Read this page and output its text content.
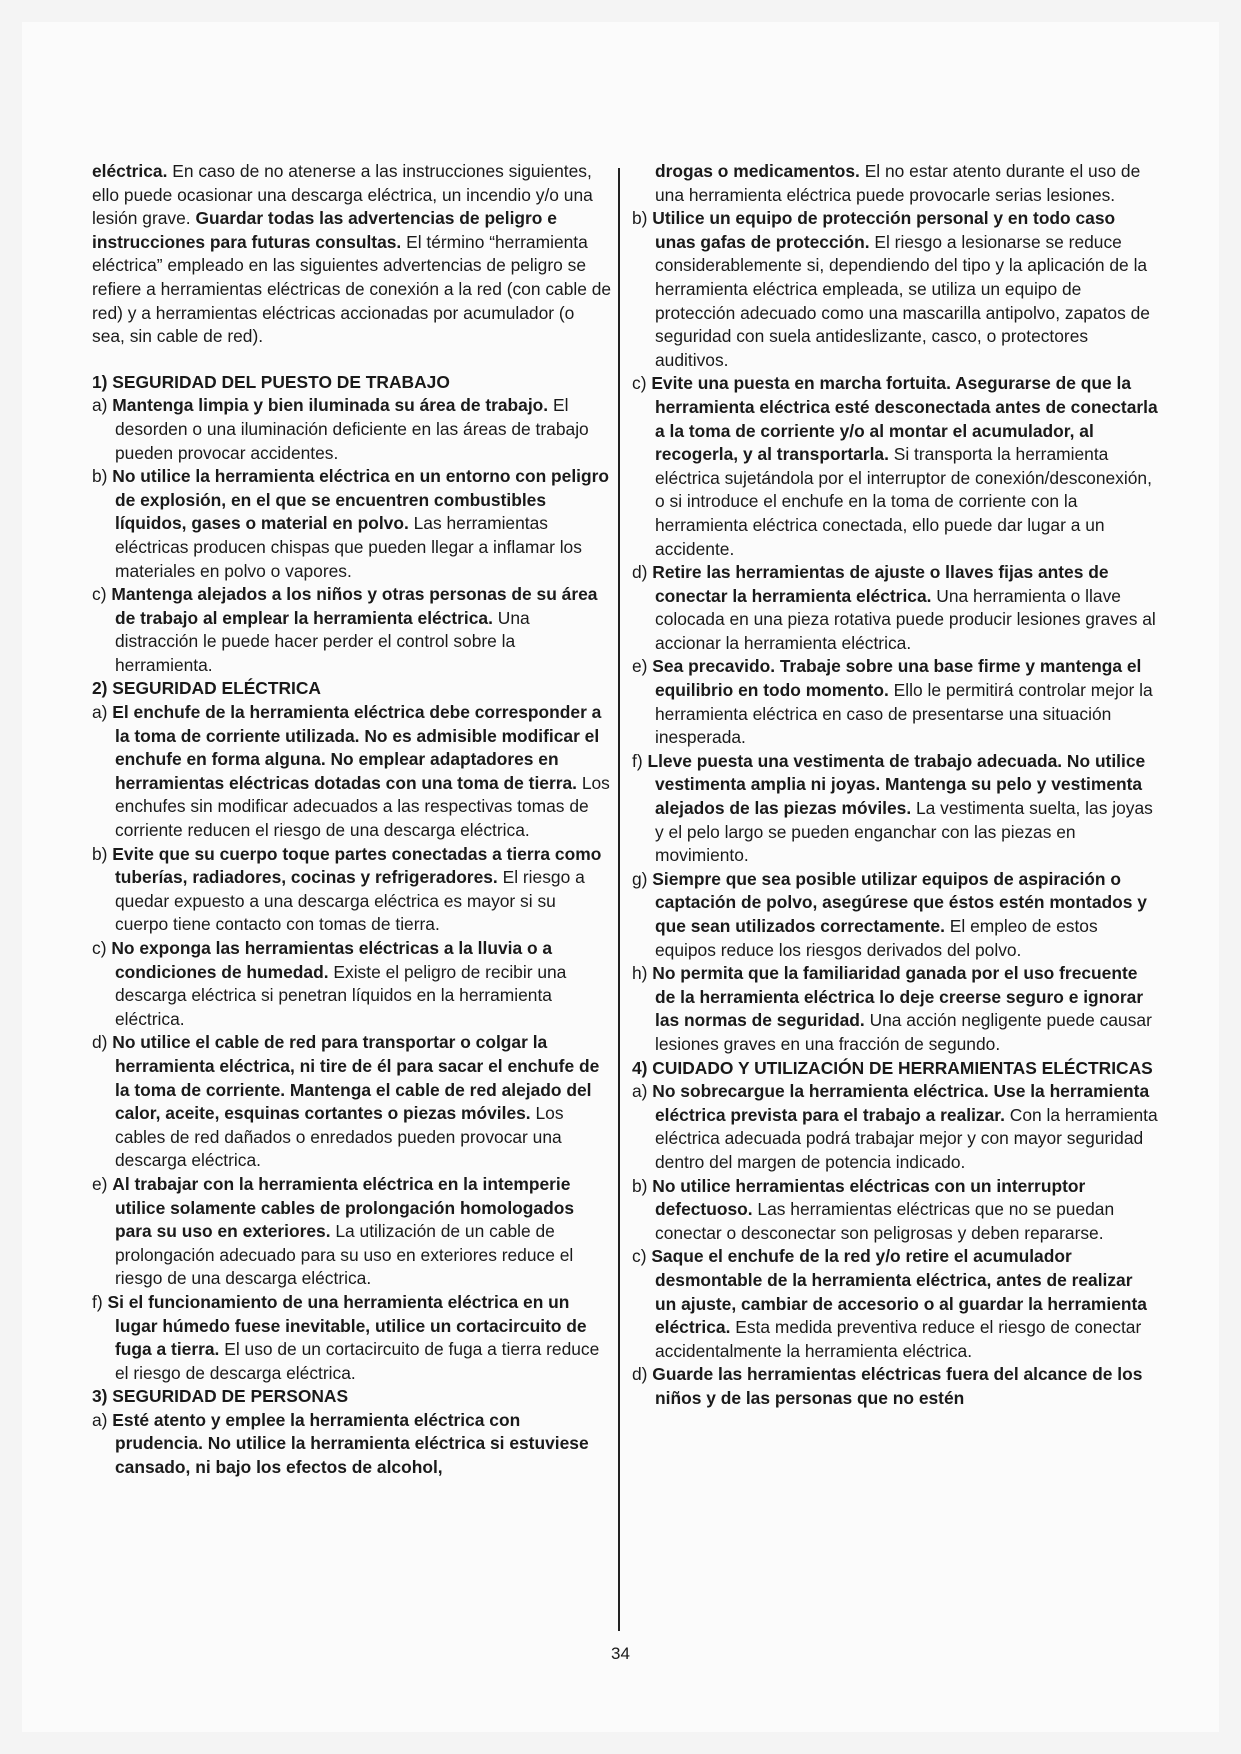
eléctrica. En caso de no atenerse a las instrucciones siguientes, ello puede ocasionar una descarga eléctrica, un incendio y/o una lesión grave. Guardar todas las advertencias de peligro e instrucciones para futuras consultas. El término “herramienta eléctrica” empleado en las siguientes advertencias de peligro se refiere a herramientas eléctricas de conexión a la red (con cable de red) y a herramientas eléctricas accionadas por acumulador (o sea, sin cable de red).

1) SEGURIDAD DEL PUESTO DE TRABAJO

a) Mantenga limpia y bien iluminada su área de trabajo. El desorden o una iluminación deficiente en las áreas de trabajo pueden provocar accidentes.

b) No utilice la herramienta eléctrica en un entorno con peligro de explosión, en el que se encuentren combustibles líquidos, gases o material en polvo. Las herramientas eléctricas producen chispas que pueden llegar a inflamar los materiales en polvo o vapores.

c) Mantenga alejados a los niños y otras personas de su área de trabajo al emplear la herramienta eléctrica. Una distracción le puede hacer perder el control sobre la herramienta.

2) SEGURIDAD ELÉCTRICA

a) El enchufe de la herramienta eléctrica debe corresponder a la toma de corriente utilizada. No es admisible modificar el enchufe en forma alguna. No emplear adaptadores en herramientas eléctricas dotadas con una toma de tierra. Los enchufes sin modificar adecuados a las respectivas tomas de corriente reducen el riesgo de una descarga eléctrica.

b) Evite que su cuerpo toque partes conectadas a tierra como tuberías, radiadores, cocinas y refrigeradores. El riesgo a quedar expuesto a una descarga eléctrica es mayor si su cuerpo tiene contacto con tomas de tierra.

c) No exponga las herramientas eléctricas a la lluvia o a condiciones de humedad. Existe el peligro de recibir una descarga eléctrica si penetran líquidos en la herramienta eléctrica.

d) No utilice el cable de red para transportar o colgar la herramienta eléctrica, ni tire de él para sacar el enchufe de la toma de corriente. Mantenga el cable de red alejado del calor, aceite, esquinas cortantes o piezas móviles. Los cables de red dañados o enredados pueden provocar una descarga eléctrica.

e) Al trabajar con la herramienta eléctrica en la intemperie utilice solamente cables de prolongación homologados para su uso en exteriores. La utilización de un cable de prolongación adecuado para su uso en exteriores reduce el riesgo de una descarga eléctrica.

f) Si el funcionamiento de una herramienta eléctrica en un lugar húmedo fuese inevitable, utilice un cortacircuito de fuga a tierra. El uso de un cortacircuito de fuga a tierra reduce el riesgo de descarga eléctrica.

3) SEGURIDAD DE PERSONAS

a) Esté atento y emplee la herramienta eléctrica con prudencia. No utilice la herramienta eléctrica si estuviese cansado, ni bajo los efectos de alcohol,

drogas o medicamentos. El no estar atento durante el uso de una herramienta eléctrica puede provocarle serias lesiones.

b) Utilice un equipo de protección personal y en todo caso unas gafas de protección. El riesgo a lesionarse se reduce considerablemente si, dependiendo del tipo y la aplicación de la herramienta eléctrica empleada, se utiliza un equipo de protección adecuado como una mascarilla antipolvo, zapatos de seguridad con suela antideslizante, casco, o protectores auditivos.

c) Evite una puesta en marcha fortuita. Asegurarse de que la herramienta eléctrica esté desconectada antes de conectarla a la toma de corriente y/o al montar el acumulador, al recogerla, y al transportarla. Si transporta la herramienta eléctrica sujetándola por el interruptor de conexión/desconexión, o si introduce el enchufe en la toma de corriente con la herramienta eléctrica conectada, ello puede dar lugar a un accidente.

d) Retire las herramientas de ajuste o llaves fijas antes de conectar la herramienta eléctrica. Una herramienta o llave colocada en una pieza rotativa puede producir lesiones graves al accionar la herramienta eléctrica.

e) Sea precavido. Trabaje sobre una base firme y mantenga el equilibrio en todo momento. Ello le permitirá controlar mejor la herramienta eléctrica en caso de presentarse una situación inesperada.

f) Lleve puesta una vestimenta de trabajo adecuada. No utilice vestimenta amplia ni joyas. Mantenga su pelo y vestimenta alejados de las piezas móviles. La vestimenta suelta, las joyas y el pelo largo se pueden enganchar con las piezas en movimiento.

g) Siempre que sea posible utilizar equipos de aspiración o captación de polvo, asegúrese que éstos estén montados y que sean utilizados correctamente. El empleo de estos equipos reduce los riesgos derivados del polvo.

h) No permita que la familiaridad ganada por el uso frecuente de la herramienta eléctrica lo deje creerse seguro e ignorar las normas de seguridad. Una acción negligente puede causar lesiones graves en una fracción de segundo.

4) CUIDADO Y UTILIZACIÓN DE HERRAMIENTAS ELÉCTRICAS

a) No sobrecargue la herramienta eléctrica. Use la herramienta eléctrica prevista para el trabajo a realizar. Con la herramienta eléctrica adecuada podrá trabajar mejor y con mayor seguridad dentro del margen de potencia indicado.

b) No utilice herramientas eléctricas con un interruptor defectuoso. Las herramientas eléctricas que no se puedan conectar o desconectar son peligrosas y deben repararse.

c) Saque el enchufe de la red y/o retire el acumulador desmontable de la herramienta eléctrica, antes de realizar un ajuste, cambiar de accesorio o al guardar la herramienta eléctrica. Esta medida preventiva reduce el riesgo de conectar accidentalmente la herramienta eléctrica.

d) Guarde las herramientas eléctricas fuera del alcance de los niños y de las personas que no estén

34
